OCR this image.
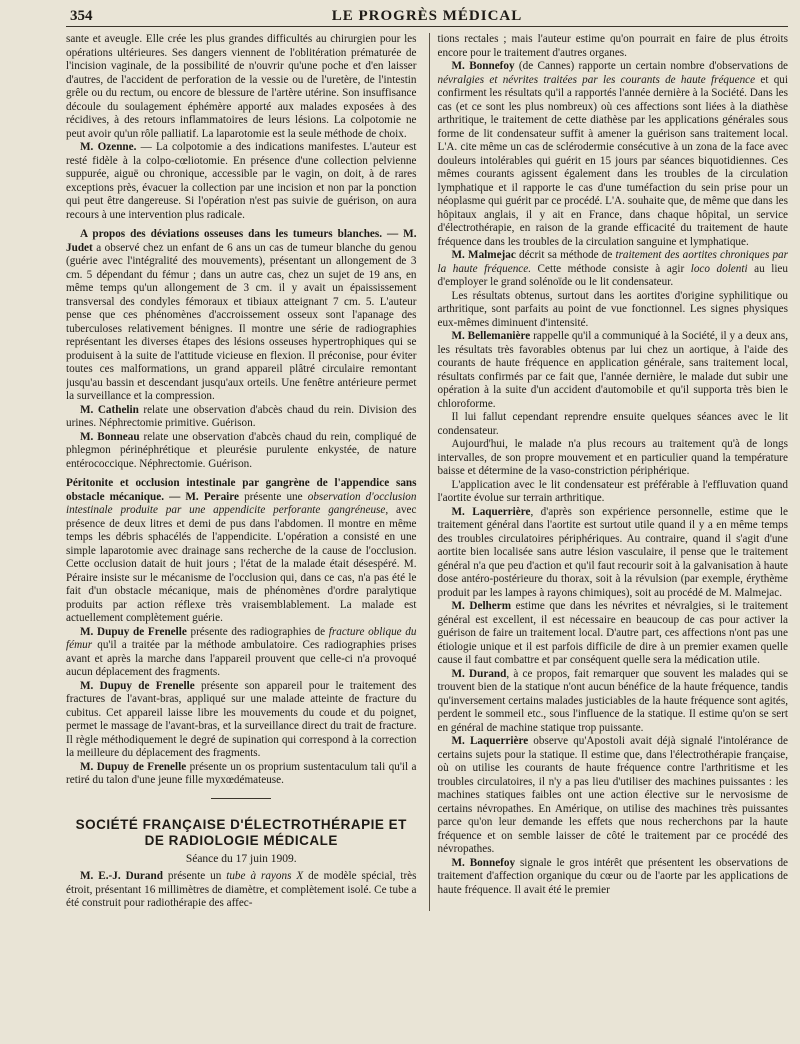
354	LE PROGRÈS MÉDICAL

sante et aveugle. Elle crée les plus grandes difficultés au chirurgien pour les opérations ultérieures. Ses dangers viennent de l'oblitération prématurée de l'incision vaginale, de la possibilité de n'ouvrir qu'une poche et d'en laisser d'autres, de l'accident de perforation de la vessie ou de l'uretère, de l'intestin grêle ou du rectum, ou encore de blessure de l'artère utérine. Son insuffisance découle du soulagement éphémère apporté aux malades exposées à des récidives, à des retours inflammatoires de leurs lésions. La colpotomie ne peut avoir qu'un rôle palliatif. La laparotomie est la seule méthode de choix.

M. Ozenne. — La colpotomie a des indications manifestes. L'auteur est resté fidèle à la colpo-cœliotomie. En présence d'une collection pelvienne suppurée, aiguë ou chronique, accessible par le vagin, on doit, à de rares exceptions près, évacuer la collection par une incision et non par la ponction qui peut être dangereuse. Si l'opération n'est pas suivie de guérison, on aura recours à une intervention plus radicale.

A propos des déviations osseuses dans les tumeurs blanches. — M. Judet a observé chez un enfant de 6 ans un cas de tumeur blanche du genou (guérie avec l'intégralité des mouvements), présentant un allongement de 3 cm. 5 dépendant du fémur ; dans un autre cas, chez un sujet de 19 ans, en même temps qu'un allongement de 3 cm. il y avait un épaississement transversal des condyles fémoraux et tibiaux atteignant 7 cm. 5. L'auteur pense que ces phénomènes d'accroissement osseux sont l'apanage des tuberculoses relativement bénignes. Il montre une série de radiographies représentant les diverses étapes des lésions osseuses hypertrophiques qui se produisent à la suite de l'attitude vicieuse en flexion. Il préconise, pour éviter toutes ces malformations, un grand appareil plâtré circulaire remontant jusqu'au bassin et descendant jusqu'aux orteils. Une fenêtre antérieure permet la surveillance et la compression.

M. Cathelin relate une observation d'abcès chaud du rein. Division des urines. Néphrectomie primitive. Guérison.

M. Bonneau relate une observation d'abcès chaud du rein, compliqué de phlegmon périnéphrétique et pleurésie purulente enkystée, de nature entérococcique. Néphrectomie. Guérison.

Péritonite et occlusion intestinale par gangrène de l'appendice sans obstacle mécanique. — M. Peraire présente une observation d'occlusion intestinale produite par une appendicite perforante gangréneuse, avec présence de deux litres et demi de pus dans l'abdomen. Il montre en même temps les débris sphacélés de l'appendicite. L'opération a consisté en une simple laparotomie avec drainage sans recherche de la cause de l'occlusion. Cette occlusion datait de huit jours ; l'état de la malade était désespéré. M. Péraire insiste sur le mécanisme de l'occlusion qui, dans ce cas, n'a pas été le fait d'un obstacle mécanique, mais de phénomènes d'ordre paralytique produits par action réflexe très vraisemblablement. La malade est actuellement complètement guérie.

M. Dupuy de Frenelle présente des radiographies de fracture oblique du fémur qu'il a traitée par la méthode ambulatoire. Ces radiographies prises avant et après la marche dans l'appareil prouvent que celle-ci n'a provoqué aucun déplacement des fragments.

M. Dupuy de Frenelle présente son appareil pour le traitement des fractures de l'avant-bras, appliqué sur une malade atteinte de fracture du cubitus. Cet appareil laisse libre les mouvements du coude et du poignet, permet le massage de l'avant-bras, et la surveillance direct du trait de fracture. Il règle méthodiquement le degré de supination qui correspond à la correction la meilleure du déplacement des fragments.

M. Dupuy de Frenelle présente un os proprium sustentaculum tali qu'il a retiré du talon d'une jeune fille myxœdémateuse.

SOCIÉTÉ FRANÇAISE D'ÉLECTROTHÉRAPIE ET DE RADIOLOGIE MÉDICALE
Séance du 17 juin 1909.

M. E.-J. Durand présente un tube à rayons X de modèle spécial, très étroit, présentant 16 millimètres de diamètre, et complètement isolé. Ce tube a été construit pour radiothérapie des affec-

tions rectales ; mais l'auteur estime qu'on pourrait en faire de plus étroits encore pour le traitement d'autres organes.

M. Bonnefoy (de Cannes) rapporte un certain nombre d'observations de névralgies et névrites traitées par les courants de haute fréquence et qui confirment les résultats qu'il a rapportés l'année dernière à la Société. Dans les cas (et ce sont les plus nombreux) où ces affections sont liées à la diathèse arthritique, le traitement de cette diathèse par les applications générales sous forme de lit condensateur suffit à amener la guérison sans traitement local. L'A. cite même un cas de sclérodermie consécutive à un zona de la face avec douleurs intolérables qui guérit en 15 jours par séances biquotidiennes. Ces mêmes courants agissent également dans les troubles de la circulation lymphatique et il rapporte le cas d'une tuméfaction du sein prise pour un néoplasme qui guérit par ce procédé. L'A. souhaite que, de même que dans les hôpitaux anglais, il y ait en France, dans chaque hôpital, un service d'électrothérapie, en raison de la grande efficacité du traitement de haute fréquence dans les troubles de la circulation sanguine et lymphatique.

M. Malmejac décrit sa méthode de traitement des aortites chroniques par la haute fréquence. Cette méthode consiste à agir loco dolenti au lieu d'employer le grand solénoïde ou le lit condensateur.

Les résultats obtenus, surtout dans les aortites d'origine syphilitique ou arthritique, sont parfaits au point de vue fonctionnel. Les signes physiques eux-mêmes diminuent d'intensité.

M. Bellemanière rappelle qu'il a communiqué à la Société, il y a deux ans, les résultats très favorables obtenus par lui chez un aortique, à l'aide des courants de haute fréquence en application générale, sans traitement local, résultats confirmés par ce fait que, l'année dernière, le malade dut subir une opération à la suite d'un accident d'automobile et qu'il supporta très bien le chloroforme.

Il lui fallut cependant reprendre ensuite quelques séances avec le lit condensateur.

Aujourd'hui, le malade n'a plus recours au traitement qu'à de longs intervalles, de son propre mouvement et en particulier quand la température baisse et détermine de la vaso-constriction périphérique.

L'application avec le lit condensateur est préférable à l'effluvation quand l'aortite évolue sur terrain arthritique.

M. Laquerrière, d'après son expérience personnelle, estime que le traitement général dans l'aortite est surtout utile quand il y a en même temps des troubles circulatoires périphériques. Au contraire, quand il s'agit d'une aortite bien localisée sans autre lésion vasculaire, il pense que le traitement général n'a que peu d'action et qu'il faut recourir soit à la galvanisation à haute dose antéro-postérieure du thorax, soit à la révulsion (par exemple, érythème produit par les lampes à rayons chimiques), soit au procédé de M. Malmejac.

M. Delherm estime que dans les névrites et névralgies, si le traitement général est excellent, il est nécessaire en beaucoup de cas pour activer la guérison de faire un traitement local. D'autre part, ces affections n'ont pas une étiologie unique et il est parfois difficile de dire à un premier examen quelle cause il faut combattre et par conséquent quelle sera la médication utile.

M. Durand, à ce propos, fait remarquer que souvent les malades qui se trouvent bien de la statique n'ont aucun bénéfice de la haute fréquence, tandis qu'inversement certains malades justiciables de la haute fréquence sont agités, perdent le sommeil etc., sous l'influence de la statique. Il estime qu'on se sert en général de machine statique trop puissante.

M. Laquerrière observe qu'Apostoli avait déjà signalé l'intolérance de certains sujets pour la statique. Il estime que, dans l'électrothérapie française, où on utilise les courants de haute fréquence contre l'arthritisme et les troubles circulatoires, il n'y a pas lieu d'utiliser des machines puissantes : les machines statiques faibles ont une action élective sur le nervosisme de certains névropathes. En Amérique, on utilise des machines très puissantes parce qu'on leur demande les effets que nous recherchons par la haute fréquence et on semble laisser de côté le traitement par ce procédé des névropathes.

M. Bonnefoy signale le gros intérêt que présentent les observations de traitement d'affection organique du cœur ou de l'aorte par les applications de haute fréquence. Il avait été le premier
